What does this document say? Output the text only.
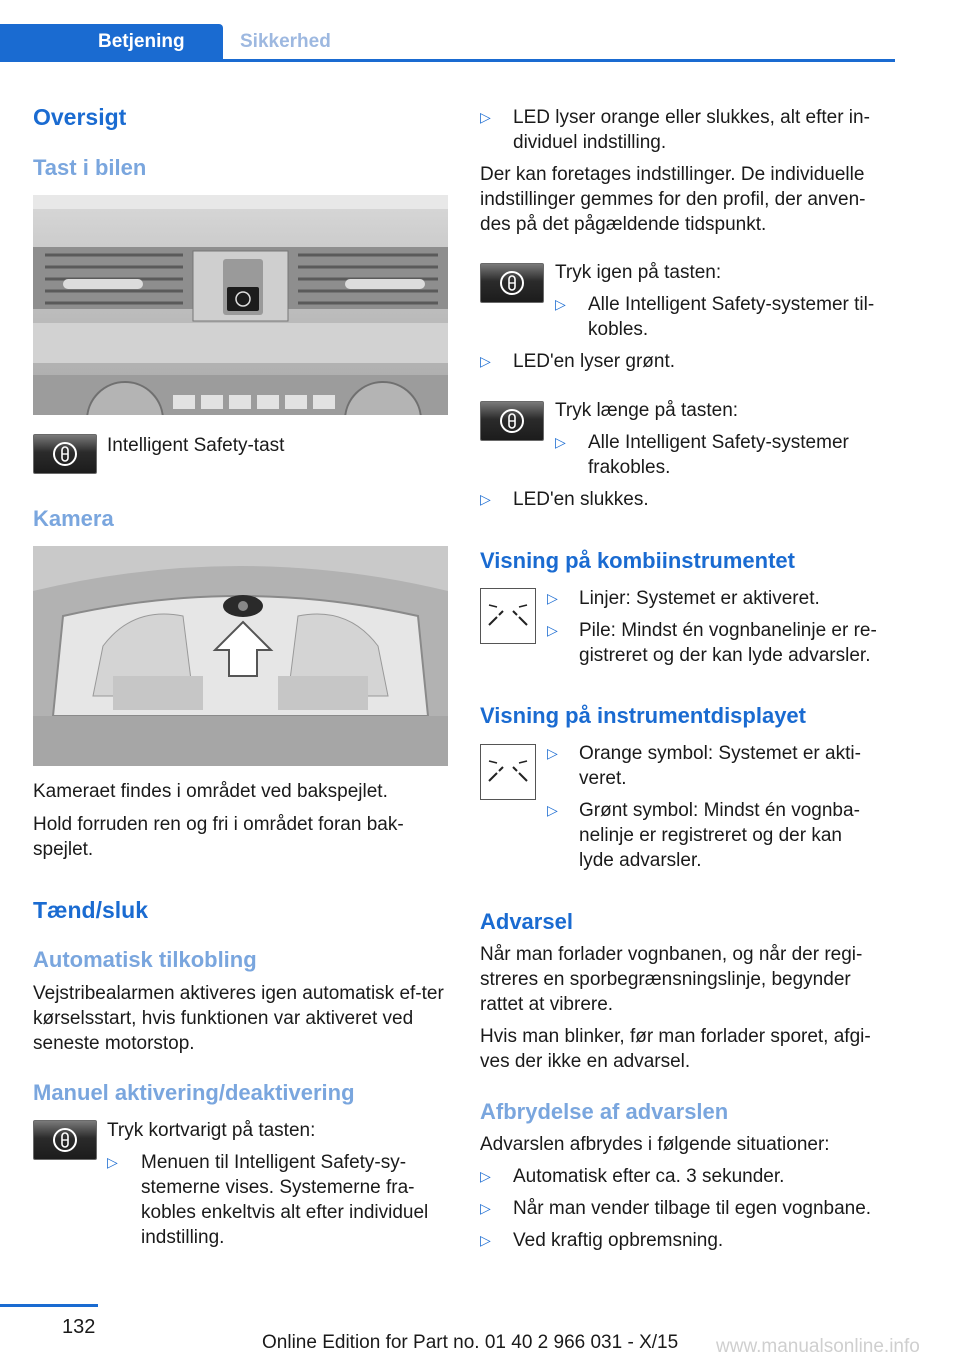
Betjening	Sikkerhed
Oversigt
Tast i bilen
Intelligent Safety-tast
Kamera
Kameraet findes i området ved bakspejlet.
Hold forruden ren og fri i området foran bak-spejlet.
Tænd/sluk
Automatisk tilkobling
Vejstribealarmen aktiveres igen automatisk ef-ter kørselsstart, hvis funktionen var aktiveret ved seneste motorstop.
Manuel aktivering/deaktivering
Tryk kortvarigt på tasten:
▷	Menuen til Intelligent Safety-sy-stemerne vises. Systemerne fra-kobles enkeltvis alt efter individuel indstilling.
▷	LED lyser orange eller slukkes, alt efter in-dividuel indstilling.
Der kan foretages indstillinger. De individuelle indstillinger gemmes for den profil, der anven-des på det pågældende tidspunkt.
Tryk igen på tasten:
▷	Alle Intelligent Safety-systemer til-kobles.
▷	LED'en lyser grønt.
Tryk længe på tasten:
▷	Alle Intelligent Safety-systemer frakobles.
▷	LED'en slukkes.
Visning på kombiinstrumentet
▷	Linjer: Systemet er aktiveret.
▷	Pile: Mindst én vognbanelinje er re-gistreret og der kan lyde advarsler.
Visning på instrumentdisplayet
▷	Orange symbol: Systemet er akti-veret.
▷	Grønt symbol: Mindst én vognba-nelinje er registreret og der kan lyde advarsler.
Advarsel
Når man forlader vognbanen, og når der regi-streres en sporbegrænsningslinje, begynder rattet at vibrere.
Hvis man blinker, før man forlader sporet, afgi-ves der ikke en advarsel.
Afbrydelse af advarslen
Advarslen afbrydes i følgende situationer:
▷	Automatisk efter ca. 3 sekunder.
▷	Når man vender tilbage til egen vognbane.
▷	Ved kraftig opbremsning.
132
Online Edition for Part no. 01 40 2 966 031 - X/15 www.manualsonline.info
